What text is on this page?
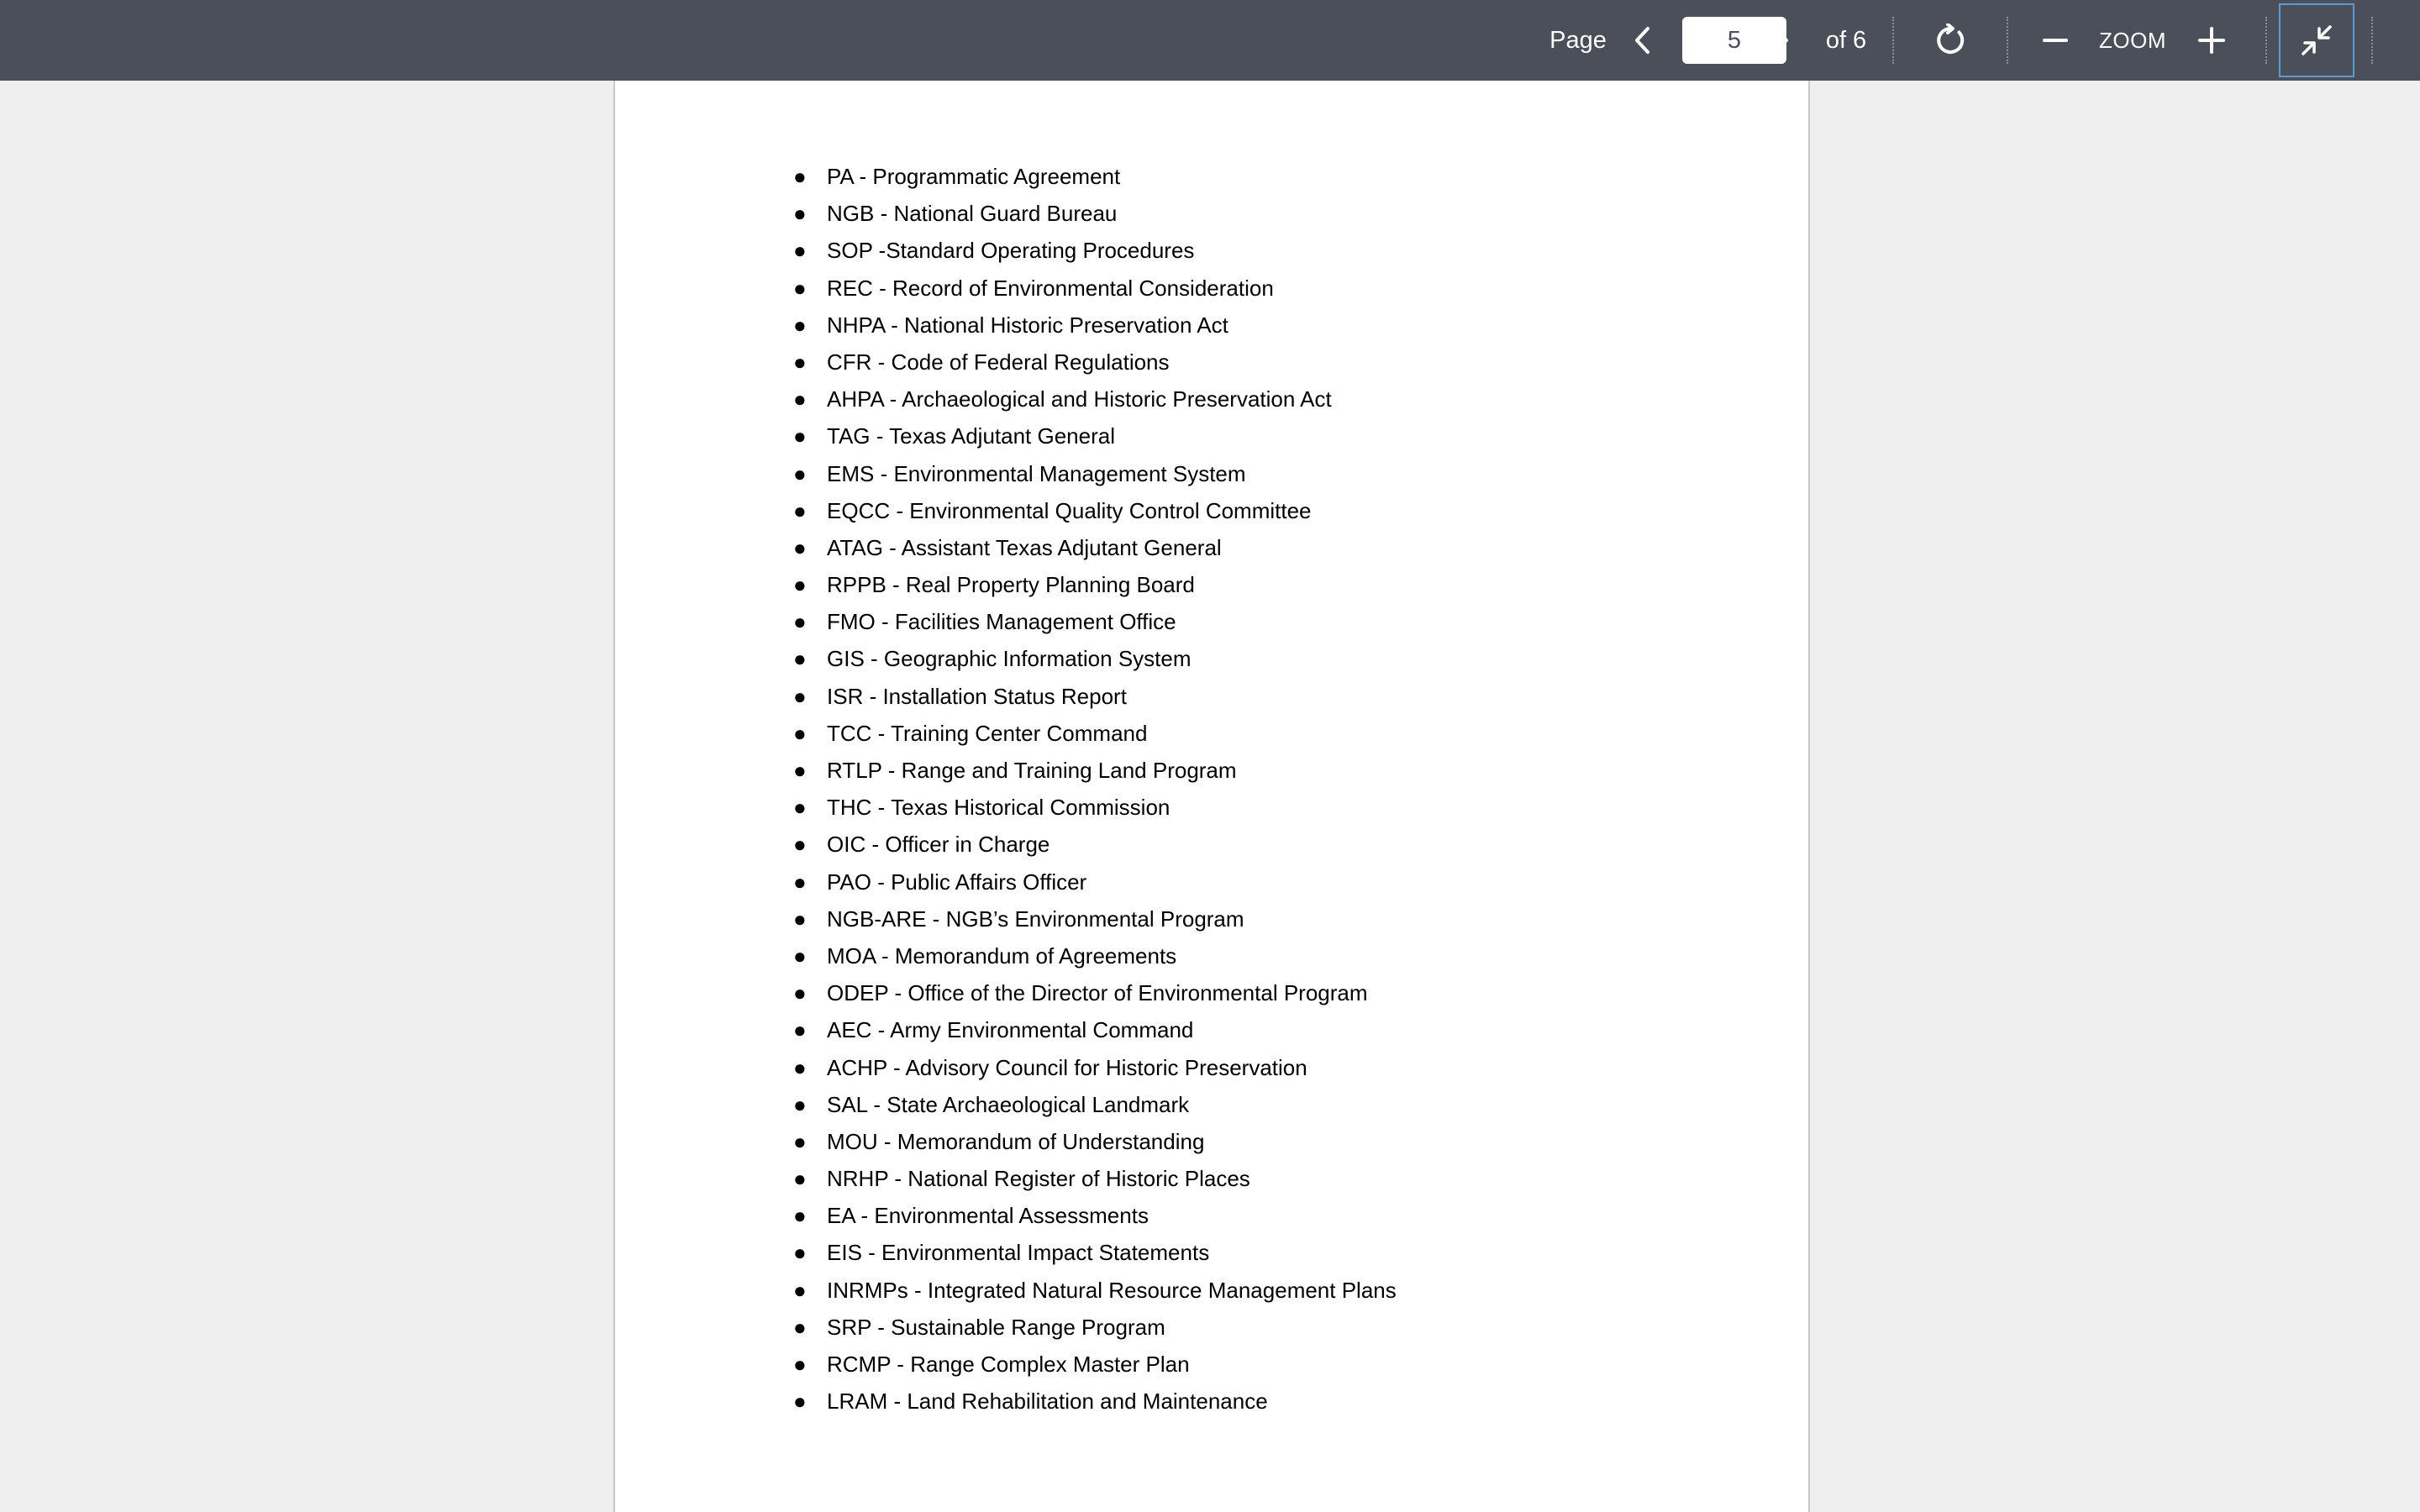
Page
5	of 6	ZOOM
● PA - Programmatic Agreement
● NGB - National Guard Bureau
● SOP -Standard Operating Procedures
● REC - Record of Environmental Consideration
● NHPA - National Historic Preservation Act
● CFR - Code of Federal Regulations
● AHPA - Archaeological and Historic Preservation Act
● TAG - Texas Adjutant General
● EMS - Environmental Management System
● EQCC - Environmental Quality Control Committee
● ATAG - Assistant Texas Adjutant General
● RPPB - Real Property Planning Board
● FMO - Facilities Management Office
● GIS - Geographic Information System
● ISR - Installation Status Report
● TCC - Training Center Command
● RTLP - Range and Training Land Program
● THC - Texas Historical Commission
● OIC - Officer in Charge
● PAO - Public Affairs Officer
● NGB-ARE - NGB’s Environmental Program
● MOA - Memorandum of Agreements
● ODEP - Office of the Director of Environmental Program
● AEC - Army Environmental Command
● ACHP - Advisory Council for Historic Preservation
● SAL - State Archaeological Landmark
● MOU - Memorandum of Understanding
● NRHP - National Register of Historic Places
● EA - Environmental Assessments
● EIS - Environmental Impact Statements
● INRMPs - Integrated Natural Resource Management Plans
● SRP - Sustainable Range Program
● RCMP - Range Complex Master Plan
● LRAM - Land Rehabilitation and Maintenance
